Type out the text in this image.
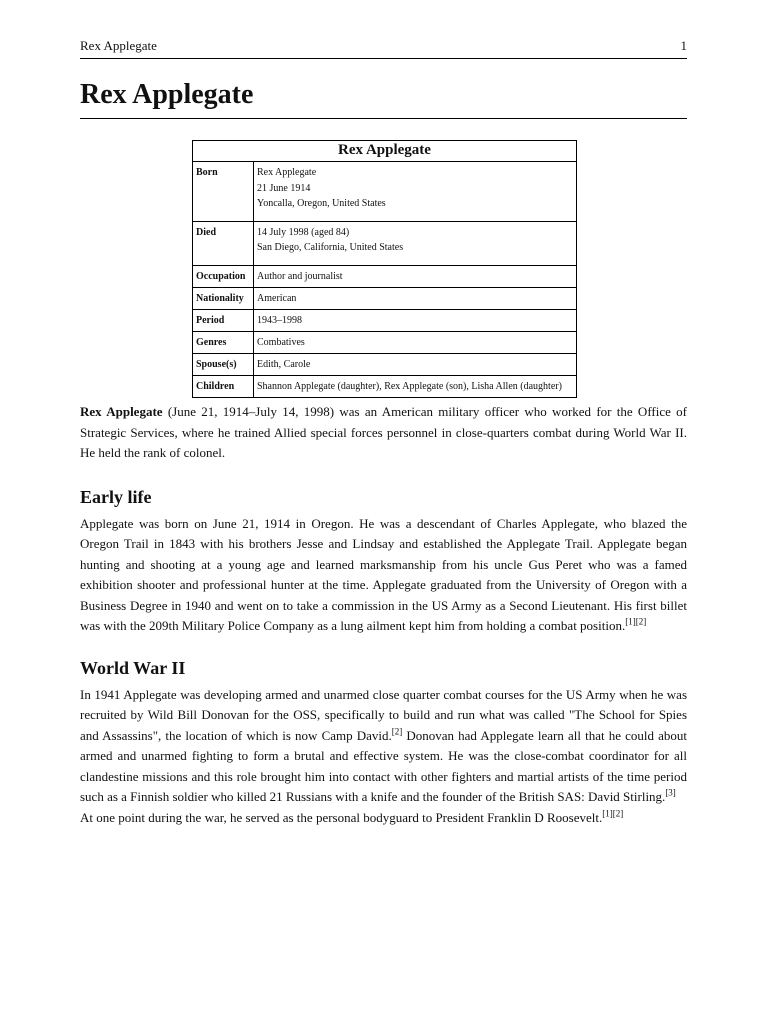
Rex Applegate	1
Rex Applegate
Rex Applegate	
Born	Rex Applegate
21 June 1914
Yoncalla, Oregon, United States

Died	14 July 1998 (aged 84)
San Diego, California, United States

Occupation	Author and journalist
Nationality	American
Period	1943–1998
Genres	Combatives
Spouse(s)	Edith, Carole
Children	Shannon Applegate (daughter), Rex Applegate (son), Lisha Allen (daughter)

Rex Applegate (June 21, 1914–July 14, 1998) was an American military officer who worked for the Office of Strategic Services, where he trained Allied special forces personnel in close-quarters combat during World War II. He held the rank of colonel.

Early life

Applegate was born on June 21, 1914 in Oregon. He was a descendant of Charles Applegate, who blazed the Oregon Trail in 1843 with his brothers Jesse and Lindsay and established the Applegate Trail. Applegate began hunting and shooting at a young age and learned marksmanship from his uncle Gus Peret who was a famed exhibition shooter and professional hunter at the time. Applegate graduated from the University of Oregon with a Business Degree in 1940 and went on to take a commission in the US Army as a Second Lieutenant. His first billet was with the 209th Military Police Company as a lung ailment kept him from holding a combat position.[1][2]

World War II

In 1941 Applegate was developing armed and unarmed close quarter combat courses for the US Army when he was recruited by Wild Bill Donovan for the OSS, specifically to build and run what was called "The School for Spies and Assassins", the location of which is now Camp David.[2] Donovan had Applegate learn all that he could about armed and unarmed fighting to form a brutal and effective system. He was the close-combat coordinator for all clandestine missions and this role brought him into contact with other fighters and martial artists of the time period such as a Finnish soldier who killed 21 Russians with a knife and the founder of the British SAS: David Stirling.[3]

At one point during the war, he served as the personal bodyguard to President Franklin D Roosevelt.[1][2]
